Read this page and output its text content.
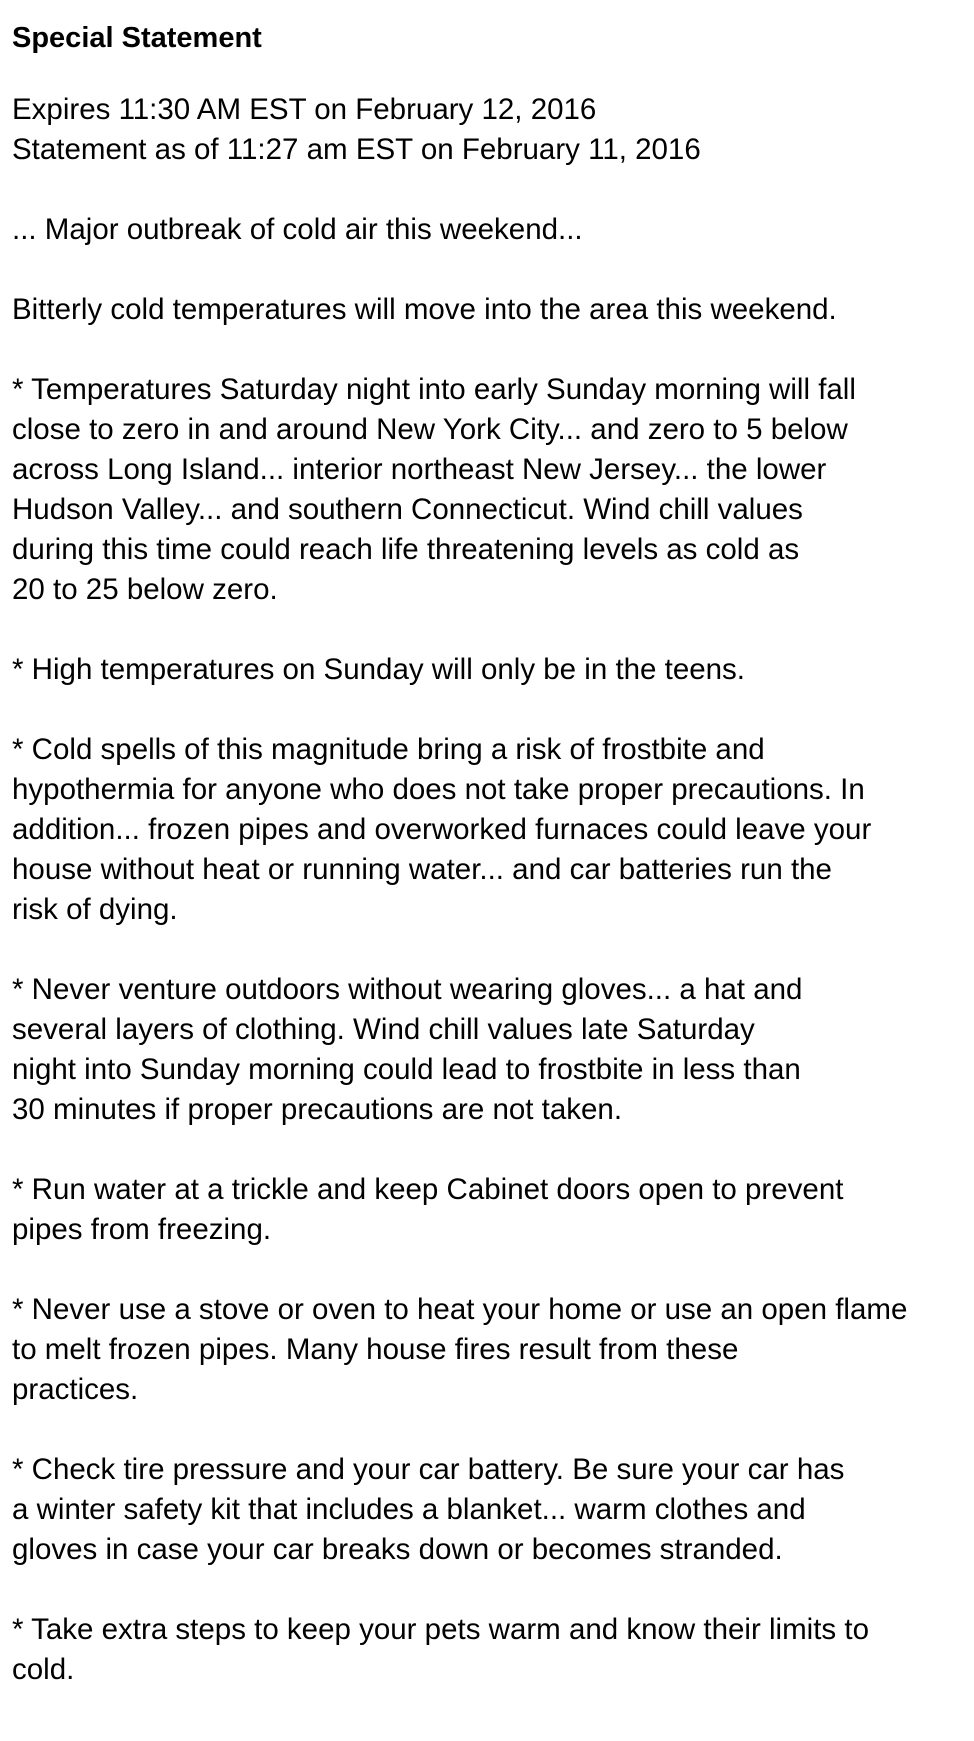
Special Statement
Expires 11:30 AM EST on February 12, 2016
Statement as of 11:27 am EST on February 11, 2016
... Major outbreak of cold air this weekend...
Bitterly cold temperatures will move into the area this weekend.
* Temperatures Saturday night into early Sunday morning will fall
close to zero in and around New York City... and zero to 5 below
across Long Island... interior northeast New Jersey... the lower
Hudson Valley... and southern Connecticut. Wind chill values
during this time could reach life threatening levels as cold as
20 to 25 below zero.
* High temperatures on Sunday will only be in the teens.
* Cold spells of this magnitude bring a risk of frostbite and
hypothermia for anyone who does not take proper precautions. In
addition... frozen pipes and overworked furnaces could leave your
house without heat or running water... and car batteries run the
risk of dying.
* Never venture outdoors without wearing gloves... a hat and
several layers of clothing. Wind chill values late Saturday
night into Sunday morning could lead to frostbite in less than
30 minutes if proper precautions are not taken.
* Run water at a trickle and keep Cabinet doors open to prevent
pipes from freezing.
* Never use a stove or oven to heat your home or use an open flame
to melt frozen pipes. Many house fires result from these
practices.
* Check tire pressure and your car battery. Be sure your car has
a winter safety kit that includes a blanket... warm clothes and
gloves in case your car breaks down or becomes stranded.
* Take extra steps to keep your pets warm and know their limits to
cold.
